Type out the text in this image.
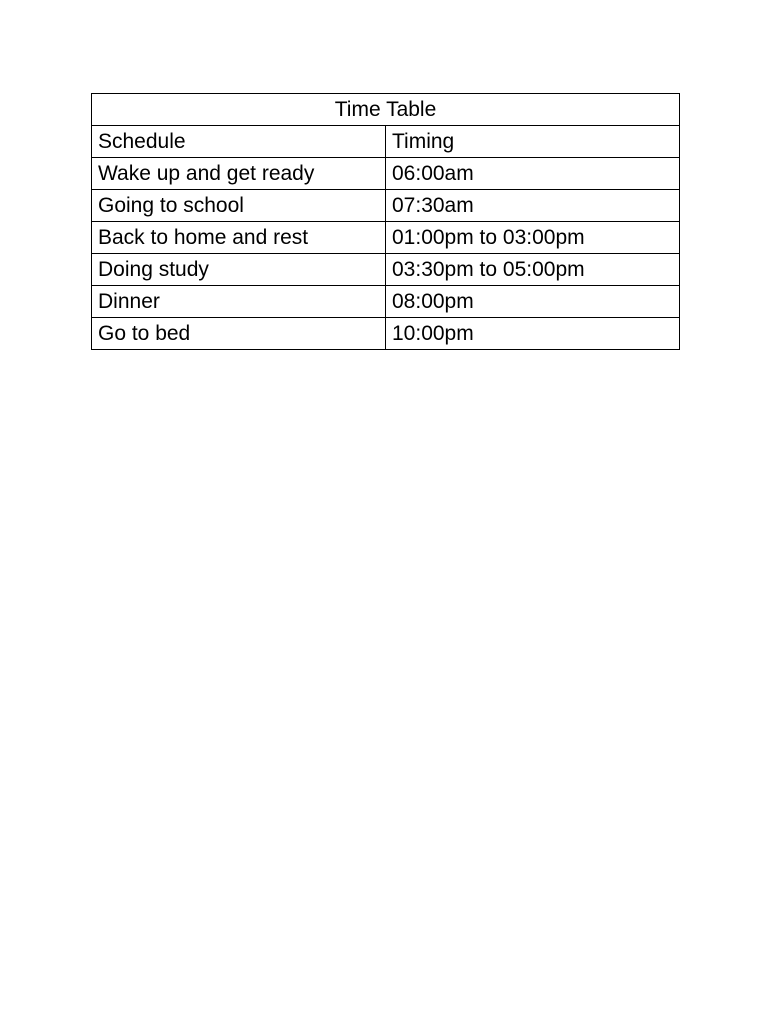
Time Table	
Schedule	Timing
Wake up and get ready	06:00am
Going to school	07:30am
Back to home and rest	01:00pm to 03:00pm
Doing study	03:30pm to 05:00pm
Dinner	08:00pm
Go to bed	10:00pm
